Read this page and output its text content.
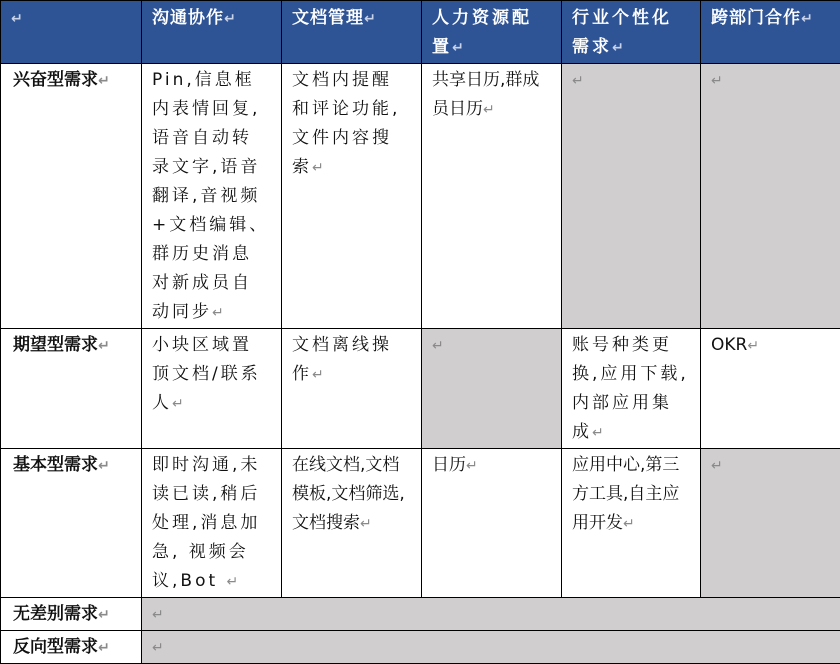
↵	沟通协作↵	文档管理↵	人力资源配置↵	行业个性化需求↵	跨部门合作↵
兴奋型需求↵	Pin,信息框内表情回复,语音自动转录文字,语音翻译,音视频+文档编辑、群历史消息对新成员自动同步↵	文档内提醒和评论功能,文件内容搜索↵	共享日历,群成员日历↵	↵	↵
期望型需求↵	小块区域置顶文档/联系人↵	文档离线操作↵	↵	账号种类更换,应用下载,内部应用集成↵	OKR↵
基本型需求↵	即时沟通,未读已读,稍后处理,消息加急, 视频会议,Bot ↵	在线文档,文档模板,文档筛选,文档搜索↵	日历↵	应用中心,第三方工具,自主应用开发↵	↵
无差别需求↵	↵				
反向型需求↵	↵				
